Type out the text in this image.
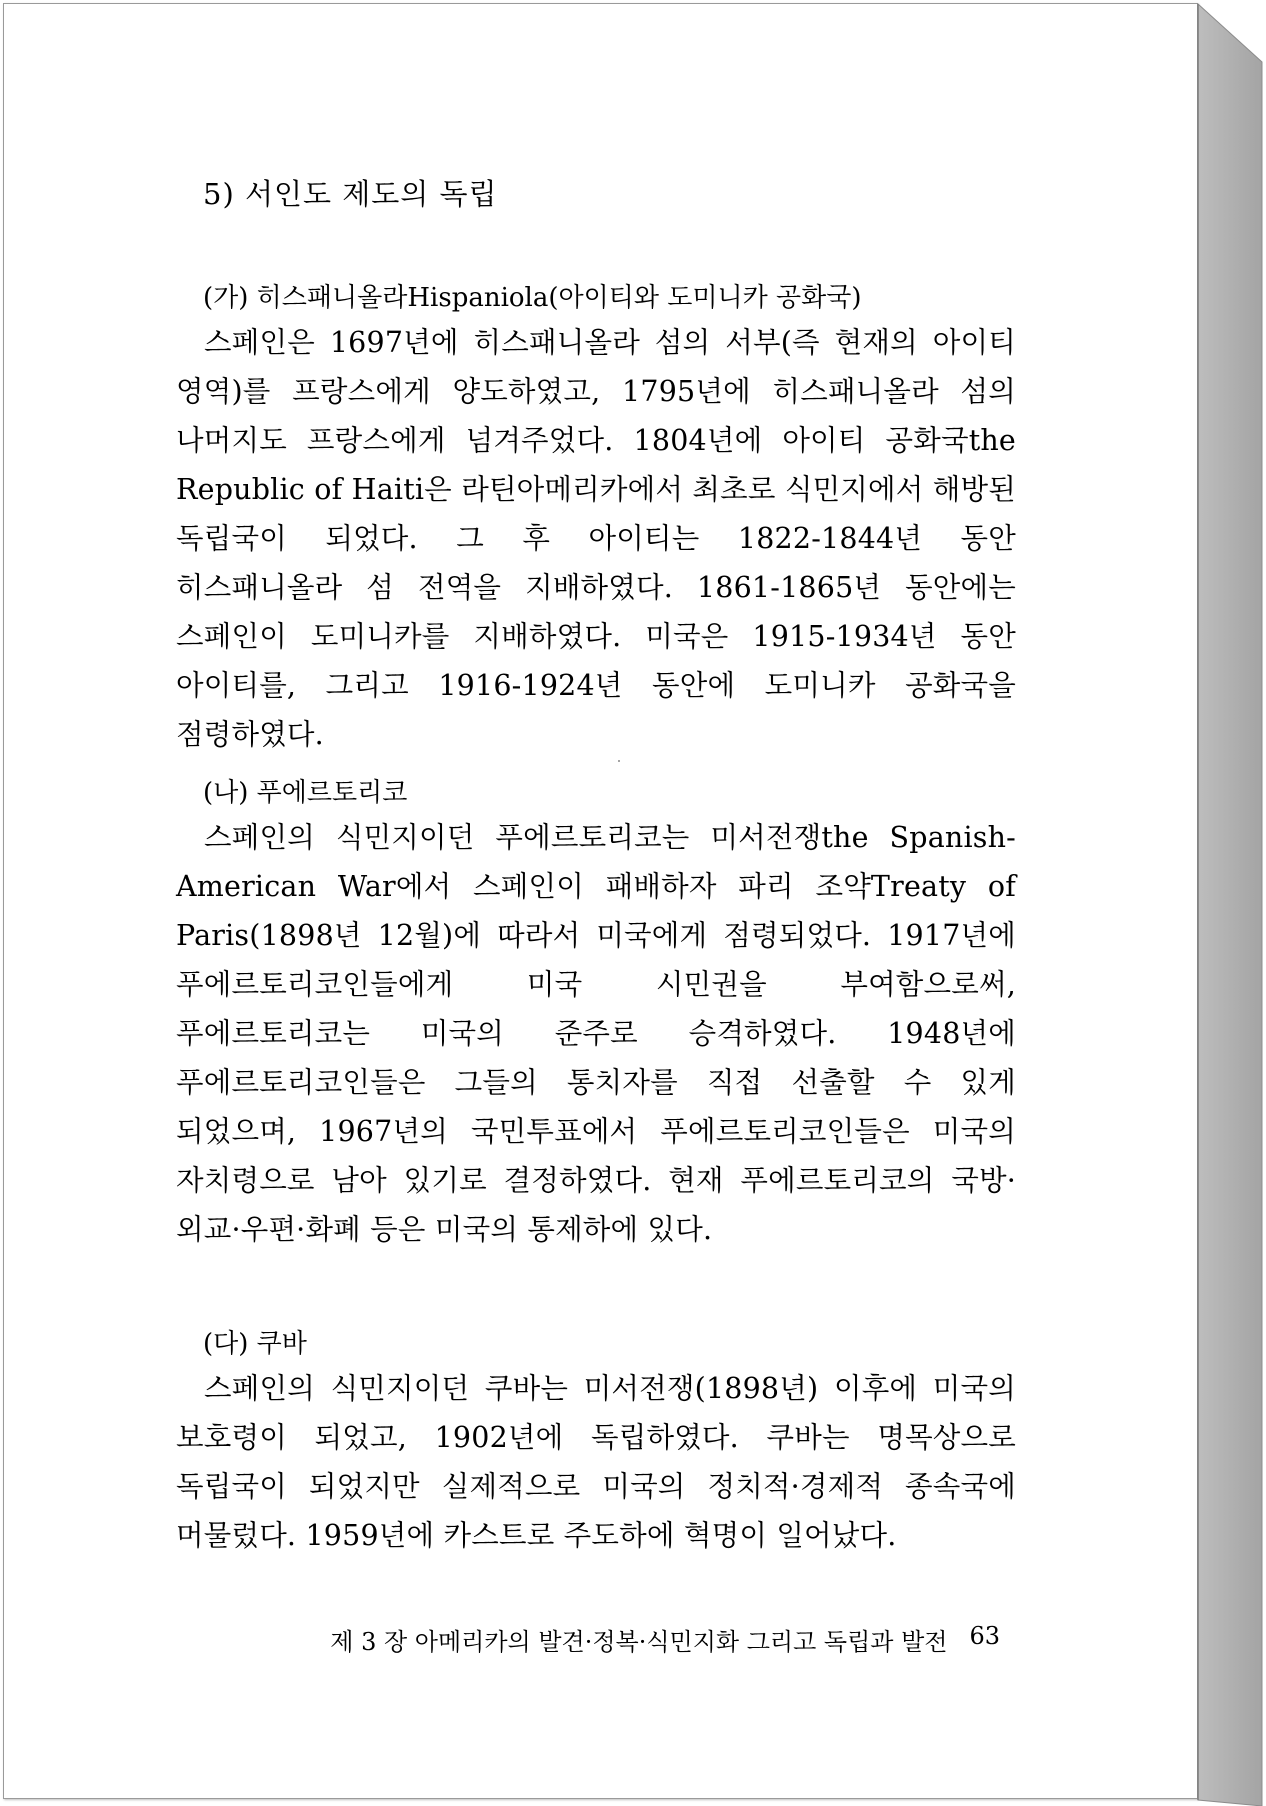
5) 서인도 제도의 독립
(가) 히스패니올라Hispaniola(아이티와 도미니카 공화국)

스페인은 1697년에 히스패니올라 섬의 서부(즉 현재의 아이티 영역)를 프랑스에게 양도하였고, 1795년에 히스패니올라 섬의 나머지도 프랑스에게 넘겨주었다. 1804년에 아이티 공화국the Republic of Haiti은 라틴아메리카에서 최초로 식민지에서 해방된 독립국이 되었다. 그 후 아이티는 1822-1844년 동안 히스패니올라 섬 전역을 지배하였다. 1861-1865년 동안에는 스페인이 도미니카를 지배하였다. 미국은 1915-1934년 동안 아이티를, 그리고 1916-1924년 동안에 도미니카 공화국을 점령하였다.

(나) 푸에르토리코

스페인의 식민지이던 푸에르토리코는 미서전쟁the Spanish-American War에서 스페인이 패배하자 파리 조약Treaty of Paris(1898년 12월)에 따라서 미국에게 점령되었다. 1917년에 푸에르토리코인들에게 미국 시민권을 부여함으로써, 푸에르토리코는 미국의 준주로 승격하였다. 1948년에 푸에르토리코인들은 그들의 통치자를 직접 선출할 수 있게 되었으며, 1967년의 국민투표에서 푸에르토리코인들은 미국의 자치령으로 남아 있기로 결정하였다. 현재 푸에르토리코의 국방·외교·우편·화폐 등은 미국의 통제하에 있다.

(다) 쿠바

스페인의 식민지이던 쿠바는 미서전쟁(1898년) 이후에 미국의 보호령이 되었고, 1902년에 독립하였다. 쿠바는 명목상으로 독립국이 되었지만 실제적으로 미국의 정치적·경제적 종속국에 머물렀다. 1959년에 카스트로 주도하에 혁명이 일어났다.

제 3 장 아메리카의 발견·정복·식민지화 그리고 독립과 발전 63
